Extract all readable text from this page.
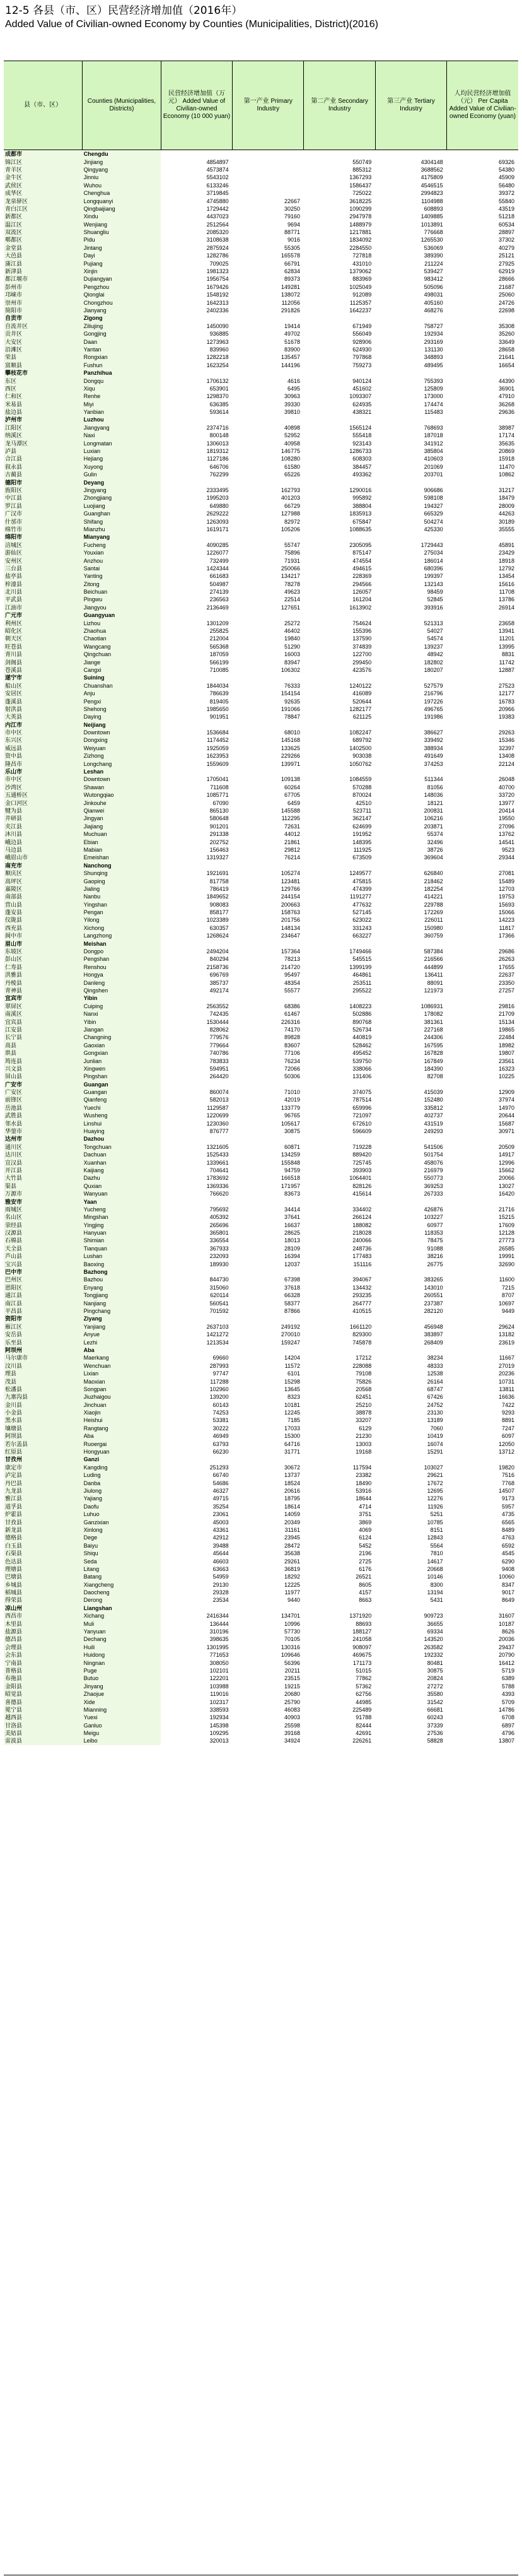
12-5 各县（市、区）民营经济增加值（2016年）
Added Value of Civilian-owned Economy by Counties (Municipalities, District)(2016)
县（市、区）	Counties (Municipalities, Districts)	民营经济增加值（万元） Added Value of Civilian-owned Economy (10 000 yuan)	第一产业 Primary Industry	第二产业 Secondary Industry	第三产业 Tertiary Industry	人均民营经济增加值（元） Per Capita Added Value of Civilian-owned Economy (yuan)
成都市	Chengdu					
锦江区	Jinjiang	4854897		550749	4304148	69326
青羊区	Qingyang	4573874		885312	3688562	54380
金牛区	Jinniu	5543102		1367293	4175809	45909
武侯区	Wuhou	6133246		1586437	4546515	56480
成华区	Chenghua	3719845		725022	2994823	39372
龙泉驿区	Longquanyi	4745880	22667	3618225	1104988	55840
青白江区	Qingbaijiang	1729442	30250	1090299	608893	43519
新都区	Xindu	4437023	79160	2947978	1409885	51218
温江区	Wenjiang	2512564	9694	1488979	1013891	60534
双流区	Shuangliu	2085320	88771	1217881	776668	28897
郫都区	Pidu	3108638	9016	1834092	1265530	37302
金堂县	Jintang	2875924	55305	2284550	536069	40279
大邑县	Dayi	1282786	165578	727818	389390	25121
蒲江县	Pujiang	709025	66791	431010	211224	27925
新津县	Xinjin	1981323	62834	1379062	539427	62919
都江堰市	Dujiangyan	1956754	89373	883969	983412	28666
彭州市	Pengzhou	1679426	149281	1025049	505096	21687
邛崃市	Qionglai	1548192	138072	912089	498031	25060
崇州市	Chongzhou	1642313	112056	1125357	405160	24726
简阳市	Jianyang	2402336	291826	1642237	468276	22698
自贡市	Zigong					
自流井区	Ziliujing	1450090	19414	671949	758727	35308
贡井区	Gongjing	936885	49702	556049	192934	35260
大安区	Daan	1273963	51678	928906	293169	33649
沿滩区	Yantan	839960	83900	624930	131130	28658
荣县	Rongxian	1282218	135457	797868	348893	21641
富顺县	Fushun	1623254	144196	759273	489495	16654
攀枝花市	Panzhihua					
东区	Dongqu	1706132	4616	940124	755393	44390
西区	Xiqu	653901	6495	451602	125809	36901
仁和区	Renhe	1298370	30963	1093307	173000	47910
米易县	Miyi	636385	39330	624935	174474	36268
盐边县	Yanbian	593614	39810	438321	115483	29636
泸州市	Luzhou					
江阳区	Jiangyang	2374716	40898	1565124	768693	38987
纳溪区	Naxi	800148	52952	555418	187018	17174
龙马潭区	Longmatan	1306013	40958	923143	341912	35635
泸县	Luxian	1819312	146775	1286733	385804	20869
合江县	Hejiang	1127186	108280	608303	410603	15918
叙永县	Xuyong	646706	61580	384457	201069	11470
古蔺县	Gulin	762299	65226	493362	203701	10862
德阳市	Deyang					
旌阳区	Jingyang	2333495	162793	1290016	906686	31217
中江县	Zhongjiang	1995203	401203	995892	598108	18479
罗江县	Luojiang	649880	66729	388804	194327	28009
广汉市	Guanghan	2629222	127988	1835913	665329	44263
什邡市	Shifang	1263093	82972	675847	504274	30189
绵竹市	Mianzhu	1619171	105206	1088635	425330	35555
绵阳市	Mianyang					
涪城区	Fucheng	4090285	55747	2305095	1729443	45891
游仙区	Youxian	1226077	75896	875147	275034	23429
安州区	Anzhou	732499	71931	474554	186014	18918
三台县	Santai	1424344	250066	494615	680396	12792
盐亭县	Yanting	661683	134217	228369	199397	13454
梓潼县	Zitong	504987	78278	294566	132143	15616
北川县	Beichuan	274139	49623	126057	98459	11708
平武县	Pingwu	236563	22514	161204	52845	13786
江油市	Jiangyou	2136469	127651	1613902	393916	26914
广元市	Guangyuan					
利州区	Lizhou	1301209	25272	754624	521313	23658
昭化区	Zhaohua	255825	46402	155396	54027	13941
朝天区	Chaotian	212004	19840	137590	54574	11201
旺苍县	Wangcang	565368	51290	374839	139237	13995
青川县	Qingchuan	187059	16003	122700	48942	8831
剑阁县	Jiange	566199	83947	299450	182802	11742
苍溪县	Cangxi	710085	106302	423576	180207	12887
遂宁市	Suining					
船山区	Chuanshan	1844034	76333	1240122	527579	27523
安居区	Anju	786639	154154	416089	216796	12177
蓬溪县	Pengxi	819405	92635	520644	197226	16783
射洪县	Shehong	1985650	191066	1282177	496765	20966
大英县	Daying	901951	78847	621125	191986	19383
内江市	Neijiang					
市中区	Downtown	1536684	68010	1082247	386627	29263
东兴区	Dongxing	1174452	145168	689792	339492	15346
威远县	Weiyuan	1925059	133625	1402500	388934	32397
资中县	Zizhong	1623953	229266	903038	491649	13408
隆昌市	Longchang	1559609	139971	1050762	374253	22124
乐山市	Leshan					
市中区	Downtown	1705041	109138	1084559	511344	26048
沙湾区	Shawan	711608	60264	570288	81056	40700
五通桥区	Wutongqiao	1085771	67705	870024	148036	33720
金口河区	Jinkouhe	67090	6459	42510	18121	13977
犍为县	Qianwei	865130	145588	523711	200831	20414
井研县	Jingyan	580648	112295	362147	106216	19550
夹江县	Jiajiang	901201	72631	624699	203871	27096
沐川县	Muchuan	291338	44012	191952	55374	13762
峨边县	Ebian	202752	21861	148395	32496	14541
马边县	Mabian	156463	29812	111925	38726	9523
峨眉山市	Emeishan	1319327	76214	673509	369604	29344
南充市	Nanchong					
顺庆区	Shunqing	1921691	105274	1249577	626840	27081
高坪区	Gaoping	817758	123481	475815	218462	15489
嘉陵区	Jialing	786419	129766	474399	182254	12703
南部县	Nanbu	1849652	244154	1191277	414221	19753
营山县	Yingshan	908083	200663	477632	229788	15693
蓬安县	Pengan	858177	158763	527145	172269	15066
仪陇县	Yilong	1023389	201756	623022	226011	14223
西充县	Xichong	630357	148134	331243	150980	11817
阆中市	Langzhong	1268624	234647	663227	360759	17366
眉山市	Meishan					
东坡区	Dongpo	2494204	157364	1749466	587384	29686
彭山区	Pengshan	840294	78213	545515	216566	26263
仁寿县	Renshou	2158736	214720	1399199	444899	17655
洪雅县	Hongya	696769	95497	464861	136411	22637
丹棱县	Danleng	385737	48354	253511	88091	23350
青神县	Qingshen	492174	55577	295522	121973	27257
宜宾市	Yibin					
翠屏区	Cuiping	2563552	68386	1408223	1086931	29816
南溪区	Nanxi	742435	61467	502886	178082	21709
宜宾县	Yibin	1530444	226316	890768	381361	15134
江安县	Jiangan	828062	74170	526734	227168	19865
长宁县	Changning	779576	89828	440819	244306	22484
高县	Gaoxian	779664	83607	528462	167595	18982
珙县	Gongxian	740786	77106	495452	167828	19807
筠连县	Junlian	783833	76234	539750	167849	23561
兴文县	Xingwen	594951	72066	338066	184390	16323
屏山县	Pingshan	264420	50306	131406	82708	10225
广安市	Guangan					
广安区	Guangan	860074	71010	374075	415039	12909
前锋区	Qianfeng	582013	42019	787514	152480	37974
岳池县	Yuechi	1129587	133779	659996	335812	14970
武胜县	Wusheng	1220699	96765	721097	402737	20644
邻水县	Linshui	1230360	105617	672610	431519	15687
华蓥市	Huaying	876777	30875	596609	249293	30971
达州市	Dazhou					
通川区	Tongchuan	1321605	60871	719228	541506	20509
达川区	Dachuan	1525433	134259	889420	501754	14917
宣汉县	Xuanhan	1339661	155848	725745	458076	12996
开江县	Kaijiang	704641	94759	393903	216979	15662
大竹县	Dazhu	1783692	166518	1064401	550773	20066
渠县	Quxian	1369336	171957	828126	369253	13027
万源市	Wanyuan	766620	83673	415614	267333	16420
雅安市	Yaan					
雨城区	Yucheng	795692	34414	334402	426876	21716
名山区	Mingshan	405392	37641	266124	103227	15215
荥经县	Yingjing	265696	16637	188082	60977	17609
汉源县	Hanyuan	365801	28625	218028	118353	12128
石棉县	Shimian	336554	18013	240066	78475	27773
天全县	Tianquan	367933	28109	248736	91088	26585
芦山县	Lushan	232093	16394	177483	38216	19991
宝兴县	Baoxing	189930	12037	151116	26775	32690
巴中市	Bazhong					
巴州区	Bazhou	844730	67398	394067	383265	11600
恩阳区	Enyang	315060	37618	134432	143010	7215
通江县	Tongjiang	620114	66328	293235	260551	8707
南江县	Nanjiang	560541	58377	264777	237387	10697
平昌县	Pingchang	701592	87866	410515	282120	9449
资阳市	Ziyang					
雁江区	Yanjiang	2637103	249192	1661120	456948	29624
安岳县	Anyue	1421272	270010	829300	383897	13182
乐至县	Lezhi	1213534	159247	745878	268409	23619
阿坝州	Aba					
马尔康市	Maerkang	69660	14204	17212	38234	11667
汶川县	Wenchuan	287993	11572	228088	48333	27019
理县	Lixian	97747	6101	79108	12538	20236
茂县	Maoxian	117288	15298	75826	26164	10731
松潘县	Songpan	102960	13645	20568	68747	13811
九寨沟县	Jiuzhaigou	139200	8323	62451	67426	16636
金川县	Jinchuan	60143	10181	25210	24752	7422
小金县	Xiaojin	74253	12245	38878	23130	9293
黑水县	Heishui	53381	7185	33207	13189	8891
壤塘县	Rangtang	30222	17033	6129	7060	7247
阿坝县	Aba	46949	15300	21230	10419	6097
若尔盖县	Ruoergai	63793	64716	13003	16074	12050
红原县	Hongyuan	66230	31771	19168	15291	13712
甘孜州	Ganzi					
康定市	Kangding	251293	30672	117594	103027	19820
泸定县	Luding	66740	13737	23382	29621	7516
丹巴县	Danba	54686	18524	18490	17672	7768
九龙县	Jiulong	46327	20616	53916	12695	14507
雅江县	Yajiang	49715	18795	18644	12276	9173
道孚县	Daofu	35254	18614	4714	11926	5957
炉霍县	Luhuo	23061	14059	3751	5251	4735
甘孜县	Ganzixian	45003	20349	3869	10785	6565
新龙县	Xinlong	43361	31161	4069	8151	8489
德格县	Dege	42912	23945	6124	12843	4763
白玉县	Baiyu	39488	28472	5452	5564	6592
石渠县	Shiqu	45644	35638	2196	7810	4545
色达县	Seda	46603	29261	2725	14617	6290
理塘县	Litang	63663	36819	6176	20668	9408
巴塘县	Batang	54959	18292	26521	10146	10060
乡城县	Xiangcheng	29130	12225	8605	8300	8347
稻城县	Daocheng	29328	11977	4157	13194	9017
得荣县	Derong	23534	9440	8663	5431	8649
凉山州	Liangshan					
西昌市	Xichang	2416344	134701	1371920	909723	31607
木里县	Muli	136444	10996	88693	36655	10187
盐源县	Yanyuan	310196	57730	188127	69334	8626
德昌县	Dechang	398635	70105	241058	143520	20036
会理县	Huili	1301995	130316	908097	263582	29437
会东县	Huidong	771653	109646	469675	192332	20790
宁南县	Ningnan	308050	56396	171173	80481	16412
普格县	Puge	102101	20211	51015	30875	5719
布拖县	Butuo	122201	23515	77862	20824	6389
金阳县	Jinyang	103988	19215	57362	27272	5788
昭觉县	Zhaojue	119016	20680	62756	35580	4393
喜德县	Xide	102317	25790	44985	31542	5709
冕宁县	Mianning	338593	46083	225489	66681	14786
越西县	Yuexi	192934	40903	91788	60243	6708
甘洛县	Ganluo	145398	25598	82444	37339	6897
美姑县	Meigu	109295	39168	42691	27536	4796
雷波县	Leibo	320013	34924	226261	58828	13807
